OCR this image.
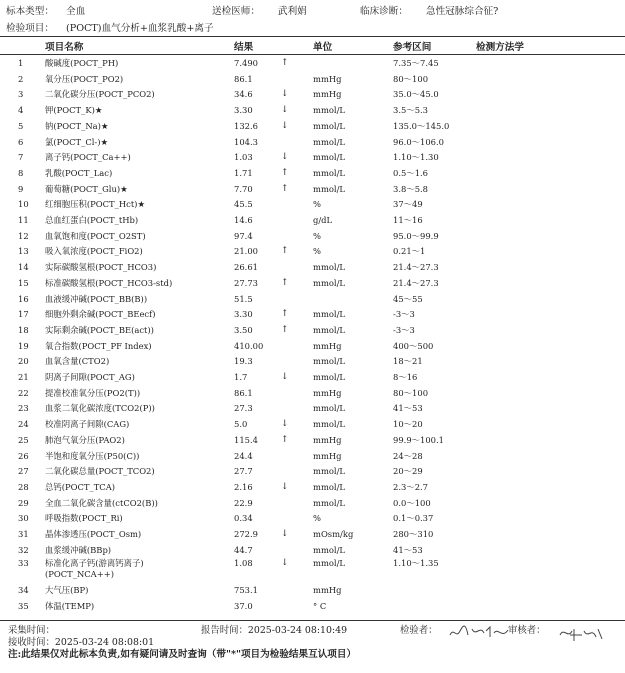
标本类型： 全血	送检医师： 武利娟	临床诊断： 急性冠脉综合征?
检验项目： (POCT)血气分析+血浆乳酸+离子
项目名称	结果	单位	参考区间	检测方法学
1	酸碱度(POCT_PH)	7.490	↑	7.35～7.45
2	氧分压(POCT_PO2)	86.1	mmHg	80～100
3	二氧化碳分压(POCT_PCO2)	34.6	↓	mmHg	35.0～45.0
4	钾(POCT_K)★	3.30	↓	mmol/L	3.5～5.3
5	钠(POCT_Na)★	132.6	↓	mmol/L	135.0～145.0
6	氯(POCT_Cl-)★	104.3	mmol/L	96.0～106.0
7	离子钙(POCT_Ca++)	1.03	↓	mmol/L	1.10～1.30
8	乳酸(POCT_Lac)	1.71	↑	mmol/L	0.5～1.6
9	葡萄糖(POCT_Glu)★	7.70	↑	mmol/L	3.8～5.8
10 红细胞压积(POCT_Hct)★	45.5	%	37～49
11 总血红蛋白(POCT_tHb)	14.6	g/dL	11～16
12 血氧饱和度(POCT_O2ST)	97.4	%	95.0～99.9
13 吸入氧浓度(POCT_FiO2)	21.00	↑	%	0.21～1
14 实际碳酸氢根(POCT_HCO3)	26.61	mmol/L	21.4～27.3
15 标准碳酸氢根(POCT_HCO3-std)	27.73	↑	mmol/L	21.4～27.3
16 血液缓冲碱(POCT_BB(B))	51.5	45～55
17 细胞外剩余碱(POCT_BEecf)	3.30	↑	mmol/L	-3～3
18 实际剩余碱(POCT_BE(act))	3.50	↑	mmol/L	-3～3
19 氧合指数(POCT_PF Index)	410.00	mmHg	400～500
20 血氧含量(CTO2)	19.3	mmol/L	18～21
21 阴离子间隙(POCT_AG)	1.7	↓	mmol/L	8～16
22 提准校准氧分压(PO2(T))	86.1	mmHg	80～100
23 血浆二氧化碳浓度(TCO2(P))	27.3	mmol/L	41～53
24 校准阴离子间隙(CAG)	5.0	↓	mmol/L	10～20
25 肺泡气氧分压(PAO2)	115.4	↑	mmHg	99.9～100.1
26 半饱和度氧分压(P50(C))	24.4	mmHg	24～28
27 二氧化碳总量(POCT_TCO2)	27.7	mmol/L	20～29
28 总钙(POCT_TCA)	2.16	↓	mmol/L	2.3～2.7
29 全血二氧化碳含量(ctCO2(B))	22.9	mmol/L	0.0～100
30 呼吸指数(POCT_Ri)	0.34	%	0.1～0.37
31 晶体渗透压(POCT_Osm)	272.9	↓	mOsm/kg	280～310
32 血浆缓冲碱(BBp)	44.7	mmol/L	41～53
33 标准化离子钙(游离钙离子)(POCT_NCA++)
1.08	↓	mmol/L	1.10～1.35
34 大气压(BP)	753.1	mmHg
35 体温(TEMP)	37.0	° C
采集时间：
接收时间：2025-03-24 08:08:01
报告时间：2025-03-24 08:10:49	检验者：	审核者：
注:此结果仅对此标本负责,如有疑问请及时查询（带"*"项目为检验结果互认项目）
